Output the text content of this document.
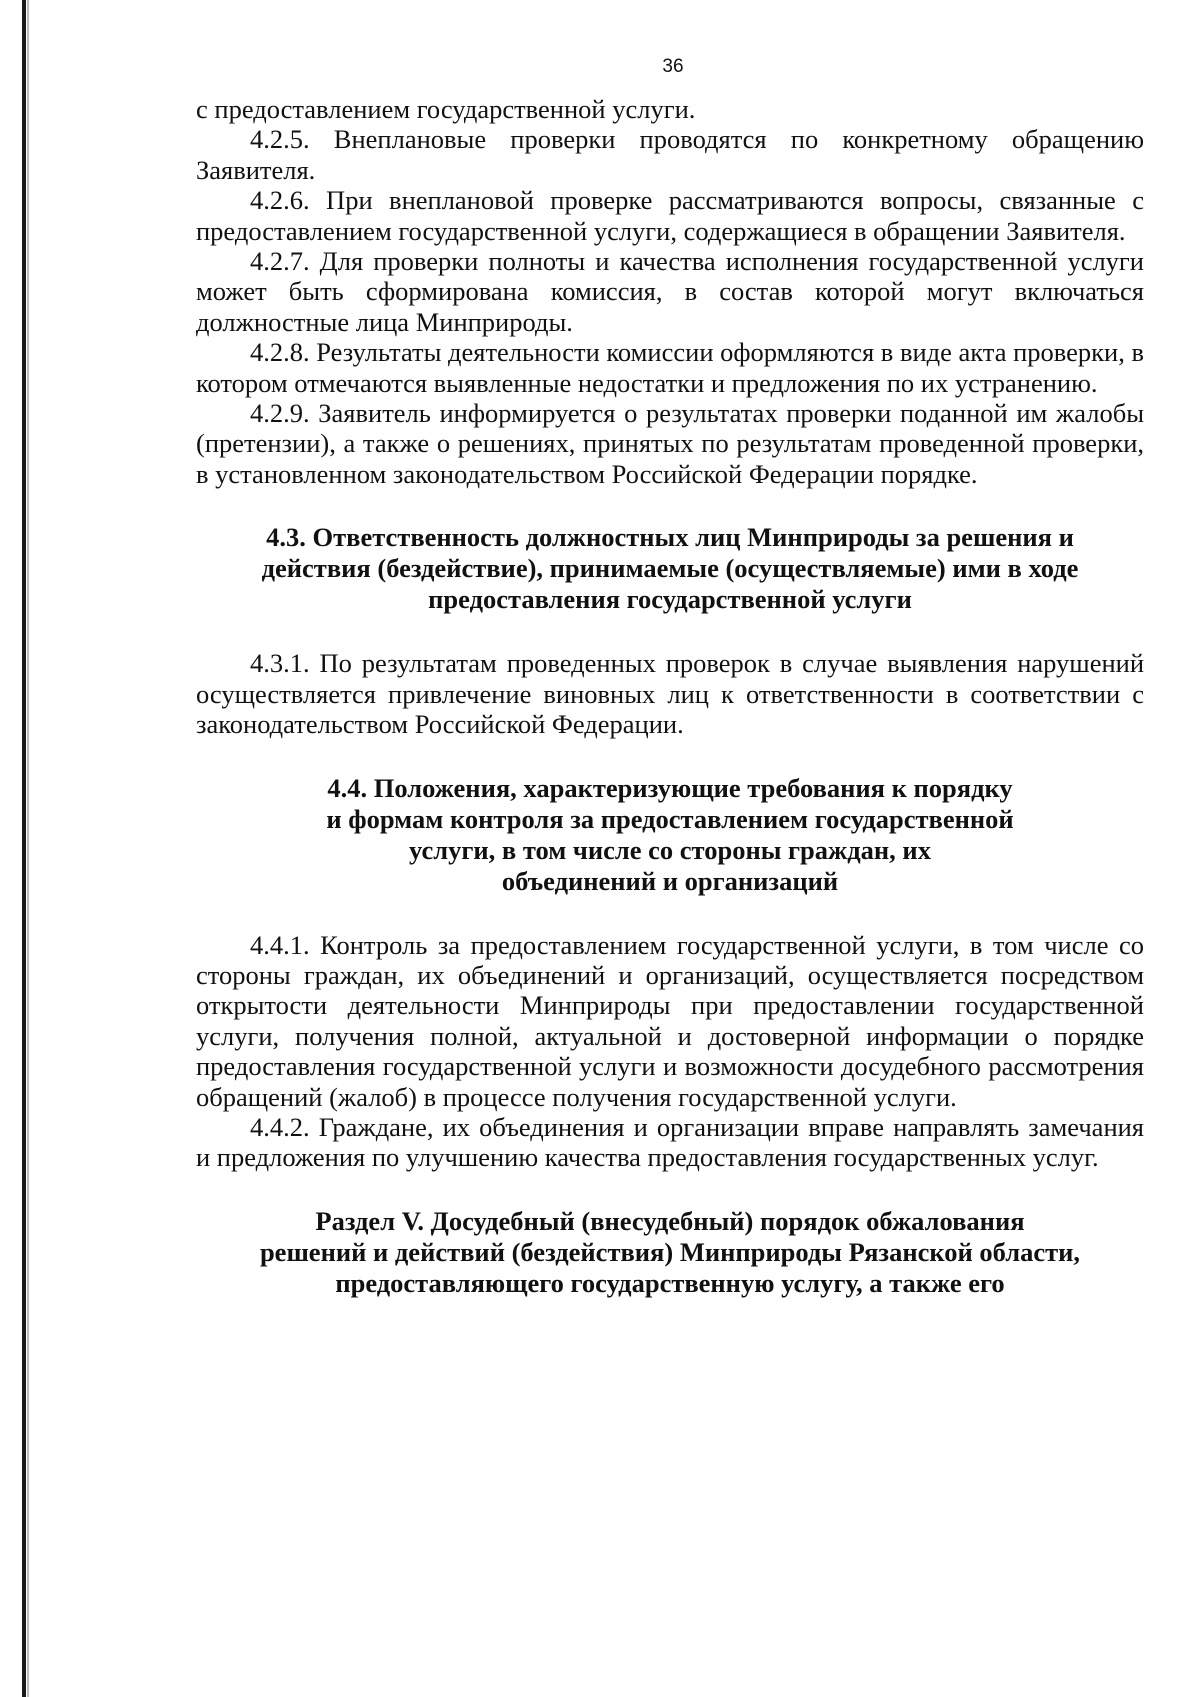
36

с предоставлением государственной услуги.

4.2.5. Внеплановые проверки проводятся по конкретному обращению Заявителя.

4.2.6. При внеплановой проверке рассматриваются вопросы, связанные с предоставлением государственной услуги, содержащиеся в обращении Заявителя.

4.2.7. Для проверки полноты и качества исполнения государственной услуги может быть сформирована комиссия, в состав которой могут включаться должностные лица Минприроды.

4.2.8. Результаты деятельности комиссии оформляются в виде акта проверки, в котором отмечаются выявленные недостатки и предложения по их устранению.

4.2.9. Заявитель информируется о результатах проверки поданной им жалобы (претензии), а также о решениях, принятых по результатам проведенной проверки, в установленном законодательством Российской Федерации порядке.

4.3. Ответственность должностных лиц Минприроды за решения и

действия (бездействие), принимаемые (осуществляемые) ими в ходе

предоставления государственной услуги

4.3.1. По результатам проведенных проверок в случае выявления нарушений осуществляется привлечение виновных лиц к ответственности в соответствии с законодательством Российской Федерации.

4.4. Положения, характеризующие требования к порядку

и формам контроля за предоставлением государственной

услуги, в том числе со стороны граждан, их

объединений и организаций

4.4.1. Контроль за предоставлением государственной услуги, в том числе со стороны граждан, их объединений и организаций, осуществляется посредством открытости деятельности Минприроды при предоставлении государственной услуги, получения полной, актуальной и достоверной информации о порядке предоставления государственной услуги и возможности досудебного рассмотрения обращений (жалоб) в процессе получения государственной услуги.

4.4.2. Граждане, их объединения и организации вправе направлять замечания и предложения по улучшению качества предоставления государственных услуг.

Раздел V. Досудебный (внесудебный) порядок обжалования

решений и действий (бездействия) Минприроды Рязанской области,

предоставляющего государственную услугу, а также его
